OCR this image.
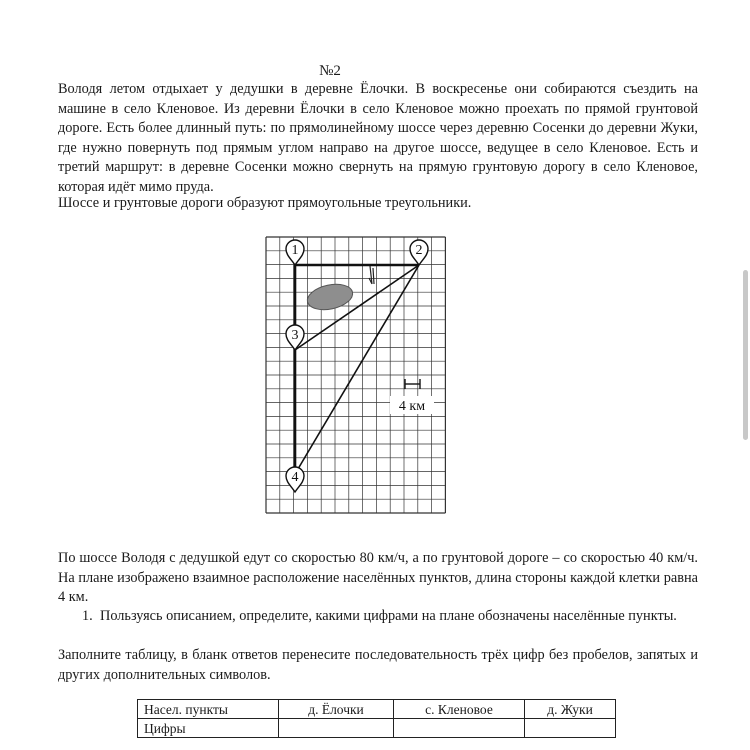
№2

Володя летом отдыхает у дедушки в деревне Ёлочки. В воскресенье они собираются съездить на машине в село Кленовое. Из деревни Ёлочки в село Кленовое можно проехать по прямой грунтовой дороге. Есть более длинный путь: по прямолинейному шоссе через деревню Сосенки до деревни Жуки, где нужно повернуть под прямым углом направо на другое шоссе, ведущее в село Кленовое. Есть и третий маршрут: в деревне Сосенки можно свернуть на прямую грунтовую дорогу в село Кленовое, которая идёт мимо пруда.

Шоссе и грунтовые дороги образуют прямоугольные треугольники.

1	2
3
4
4 км

По шоссе Володя с дедушкой едут со скоростью 80 км/ч, а по грунтовой дороге – со скоростью 40 км/ч. На плане изображено взаимное расположение населённых пунктов, длина стороны каждой клетки равна 4 км.

1. Пользуясь описанием, определите, какими цифрами на плане обозначены населённые пункты.

Заполните таблицу, в бланк ответов перенесите последовательность трёх цифр без пробелов, запятых и других дополнительных символов.

Насел. пункты	д. Ёлочки	с. Кленовое	д. Жуки
Цифры			
